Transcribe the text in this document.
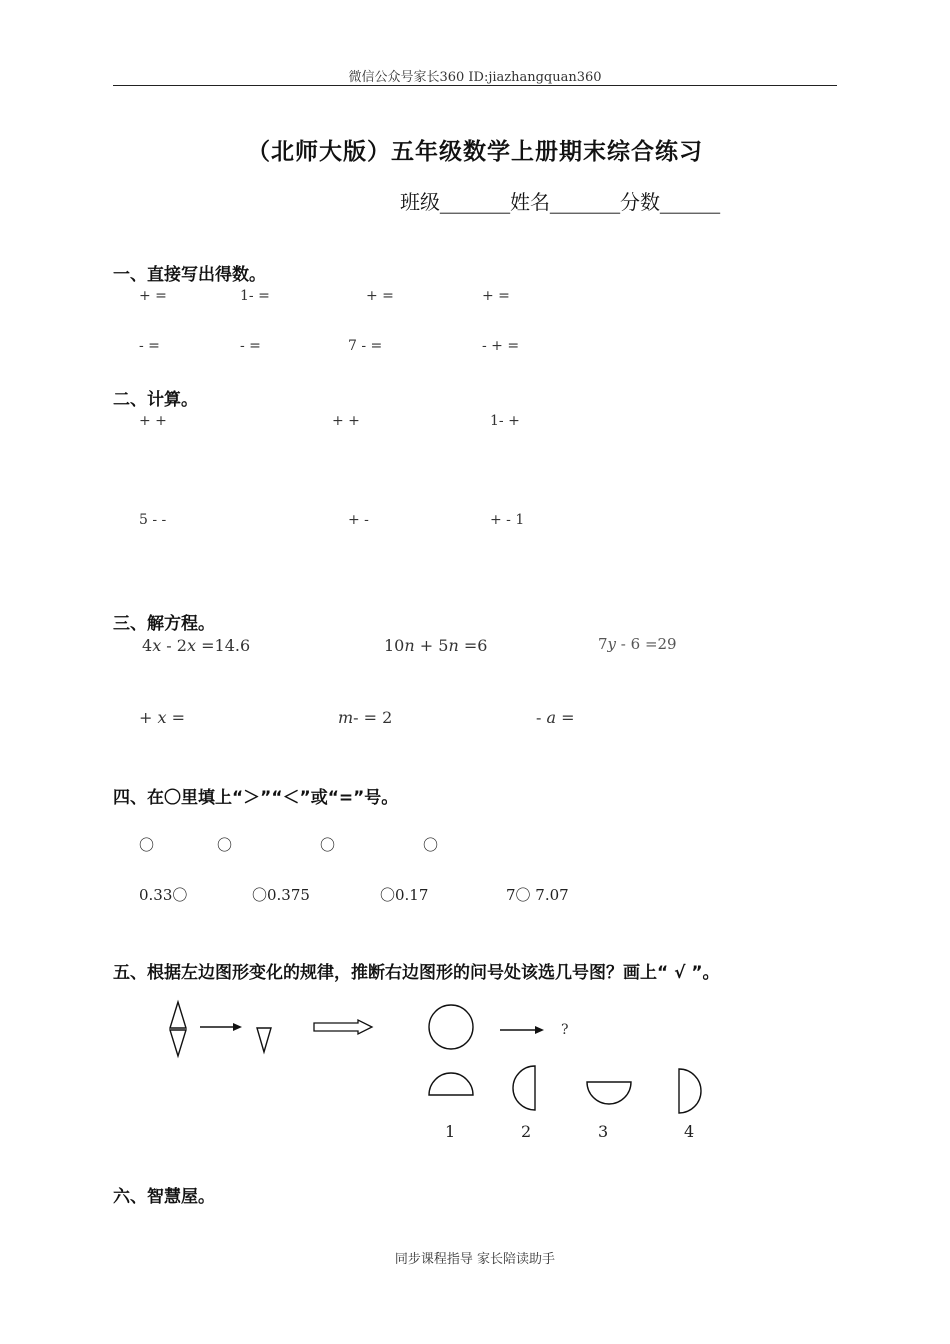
微信公众号家长360 ID:jiazhangquan360
（北师大版）五年级数学上册期末综合练习
班级_______姓名_______分数______
一、直接写出得数。
+ =	1- =	+ =	+ =
- =	- =	7 - =	- + =
二、计算。
+ +	+ +	1- +
5 - -	+ -	+ - 1
三、解方程。
4x - 2x =14.6	10n + 5n =6	7y - 6 =29
+ x =	m- = 2	- a =
四、在〇里填上“＞”“＜”或“=”号。
〇	〇	〇	〇
0.33〇	〇0.375	〇0.17	7〇 7.07
五、根据左边图形变化的规律，推断右边图形的问号处该选几号图？画上“ √ ”。
?
1	2	3	4
六、智慧屋。
同步课程指导 家长陪读助手
